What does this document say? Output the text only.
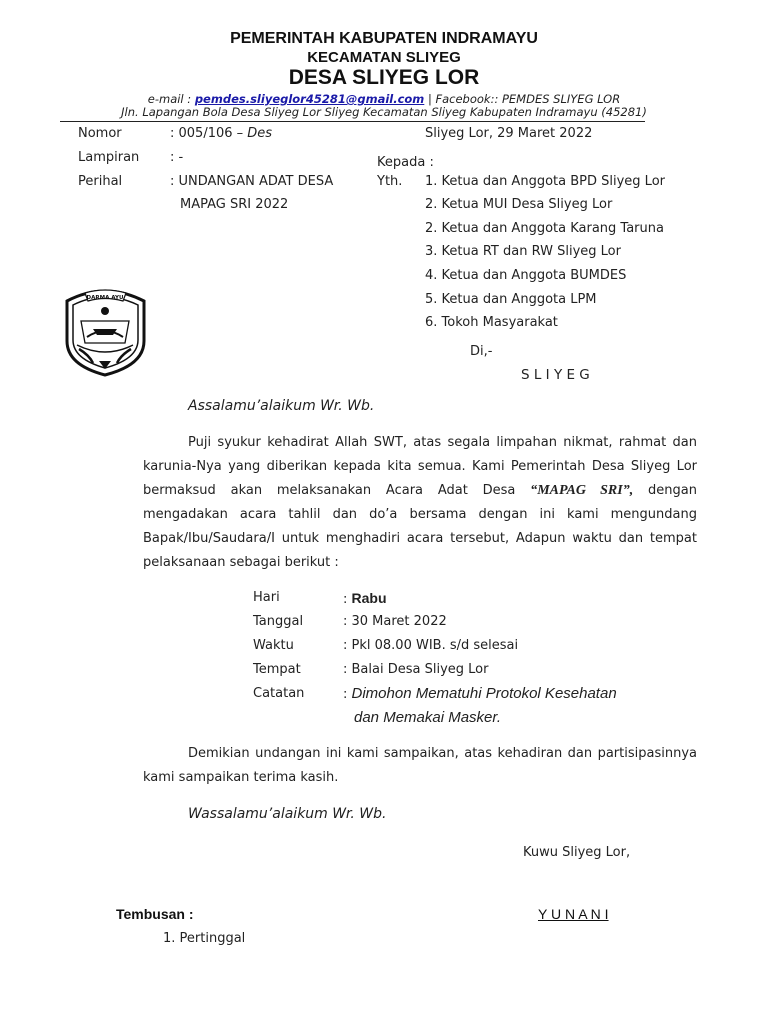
PEMERINTAH KABUPATEN INDRAMAYU
KECAMATAN SLIYEG
DESA SLIYEG LOR
e-mail : pemdes.sliyeglor45281@gmail.com | Facebook:: PEMDES SLIYEG LOR
Jln. Lapangan Bola Desa Sliyeg Lor Sliyeg Kecamatan Sliyeg Kabupaten Indramayu (45281)
DARMA AYU
Nomor	: 005/106 – Des
Lampiran : -
Perihal	: UNDANGAN ADAT DESA
MAPAG SRI 2022
Sliyeg Lor, 29 Maret 2022
Kepada :
Yth. 1. Ketua dan Anggota BPD Sliyeg Lor
2. Ketua MUI Desa Sliyeg Lor
2. Ketua dan Anggota Karang Taruna
3. Ketua RT dan RW Sliyeg Lor
4. Ketua dan Anggota BUMDES
5. Ketua dan Anggota LPM
6. Tokoh Masyarakat
Di,-
S L I Y E G
Assalamu’alaikum Wr. Wb.
Puji syukur kehadirat Allah SWT, atas segala limpahan nikmat, rahmat dan
karunia-Nya yang diberikan kepada kita semua. Kami Pemerintah Desa Sliyeg Lor
bermaksud akan melaksanakan Acara Adat Desa “MAPAG SRI”, dengan
mengadakan acara tahlil dan do’a bersama dengan ini kami mengundang
Bapak/Ibu/Saudara/I untuk menghadiri acara tersebut, Adapun waktu dan tempat
pelaksanaan sebagai berikut :
Hari	: Rabu
Tanggal	: 30 Maret 2022
Waktu	: Pkl 08.00 WIB. s/d selesai
Tempat	: Balai Desa Sliyeg Lor
Catatan	: Dimohon Mematuhi Protokol Kesehatan
dan Memakai Masker.
Demikian undangan ini kami sampaikan, atas kehadiran dan partisipasinnya
kami sampaikan terima kasih.
Wassalamu’alaikum Wr. Wb.
Kuwu Sliyeg Lor,
Y U N A N I
Tembusan :
1. Pertinggal
